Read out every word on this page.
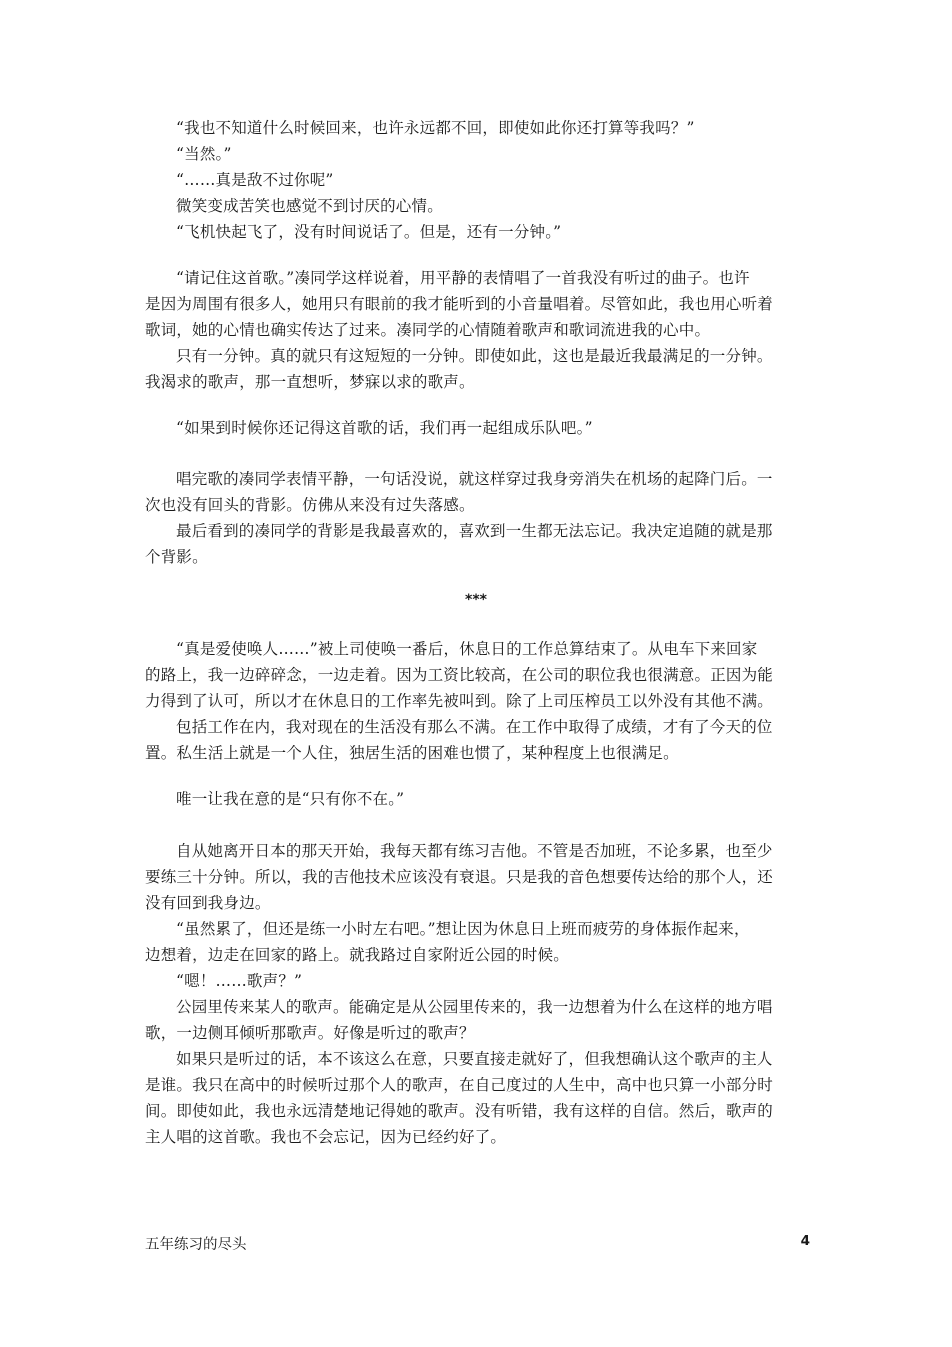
“我也不知道什么时候回来，也许永远都不回，即使如此你还打算等我吗？”
“当然。”
“……真是敌不过你呢”
微笑变成苦笑也感觉不到讨厌的心情。
“飞机快起飞了，没有时间说话了。但是，还有一分钟。”
“请记住这首歌。”凑同学这样说着，用平静的表情唱了一首我没有听过的曲子。也许
是因为周围有很多人，她用只有眼前的我才能听到的小音量唱着。尽管如此，我也用心听着
歌词，她的心情也确实传达了过来。凑同学的心情随着歌声和歌词流进我的心中。
只有一分钟。真的就只有这短短的一分钟。即使如此，这也是最近我最满足的一分钟。
我渴求的歌声，那一直想听，梦寐以求的歌声。
“如果到时候你还记得这首歌的话，我们再一起组成乐队吧。”
唱完歌的凑同学表情平静，一句话没说，就这样穿过我身旁消失在机场的起降门后。一
次也没有回头的背影。仿佛从来没有过失落感。
最后看到的凑同学的背影是我最喜欢的，喜欢到一生都无法忘记。我决定追随的就是那
个背影。
***
“真是爱使唤人……”被上司使唤一番后，休息日的工作总算结束了。从电车下来回家
的路上，我一边碎碎念，一边走着。因为工资比较高，在公司的职位我也很满意。正因为能
力得到了认可，所以才在休息日的工作率先被叫到。除了上司压榨员工以外没有其他不满。
包括工作在内，我对现在的生活没有那么不满。在工作中取得了成绩，才有了今天的位
置。私生活上就是一个人住，独居生活的困难也惯了，某种程度上也很满足。
唯一让我在意的是“只有你不在。”
自从她离开日本的那天开始，我每天都有练习吉他。不管是否加班，不论多累，也至少
要练三十分钟。所以，我的吉他技术应该没有衰退。只是我的音色想要传达给的那个人，还
没有回到我身边。
“虽然累了，但还是练一小时左右吧。”想让因为休息日上班而疲劳的身体振作起来，
边想着，边走在回家的路上。就我路过自家附近公园的时候。
“嗯！……歌声？”
公园里传来某人的歌声。能确定是从公园里传来的，我一边想着为什么在这样的地方唱
歌，一边侧耳倾听那歌声。好像是听过的歌声？
如果只是听过的话，本不该这么在意，只要直接走就好了，但我想确认这个歌声的主人
是谁。我只在高中的时候听过那个人的歌声，在自己度过的人生中，高中也只算一小部分时
间。即使如此，我也永远清楚地记得她的歌声。没有听错，我有这样的自信。然后，歌声的
主人唱的这首歌。我也不会忘记，因为已经约好了。
五年练习的尽头	4
